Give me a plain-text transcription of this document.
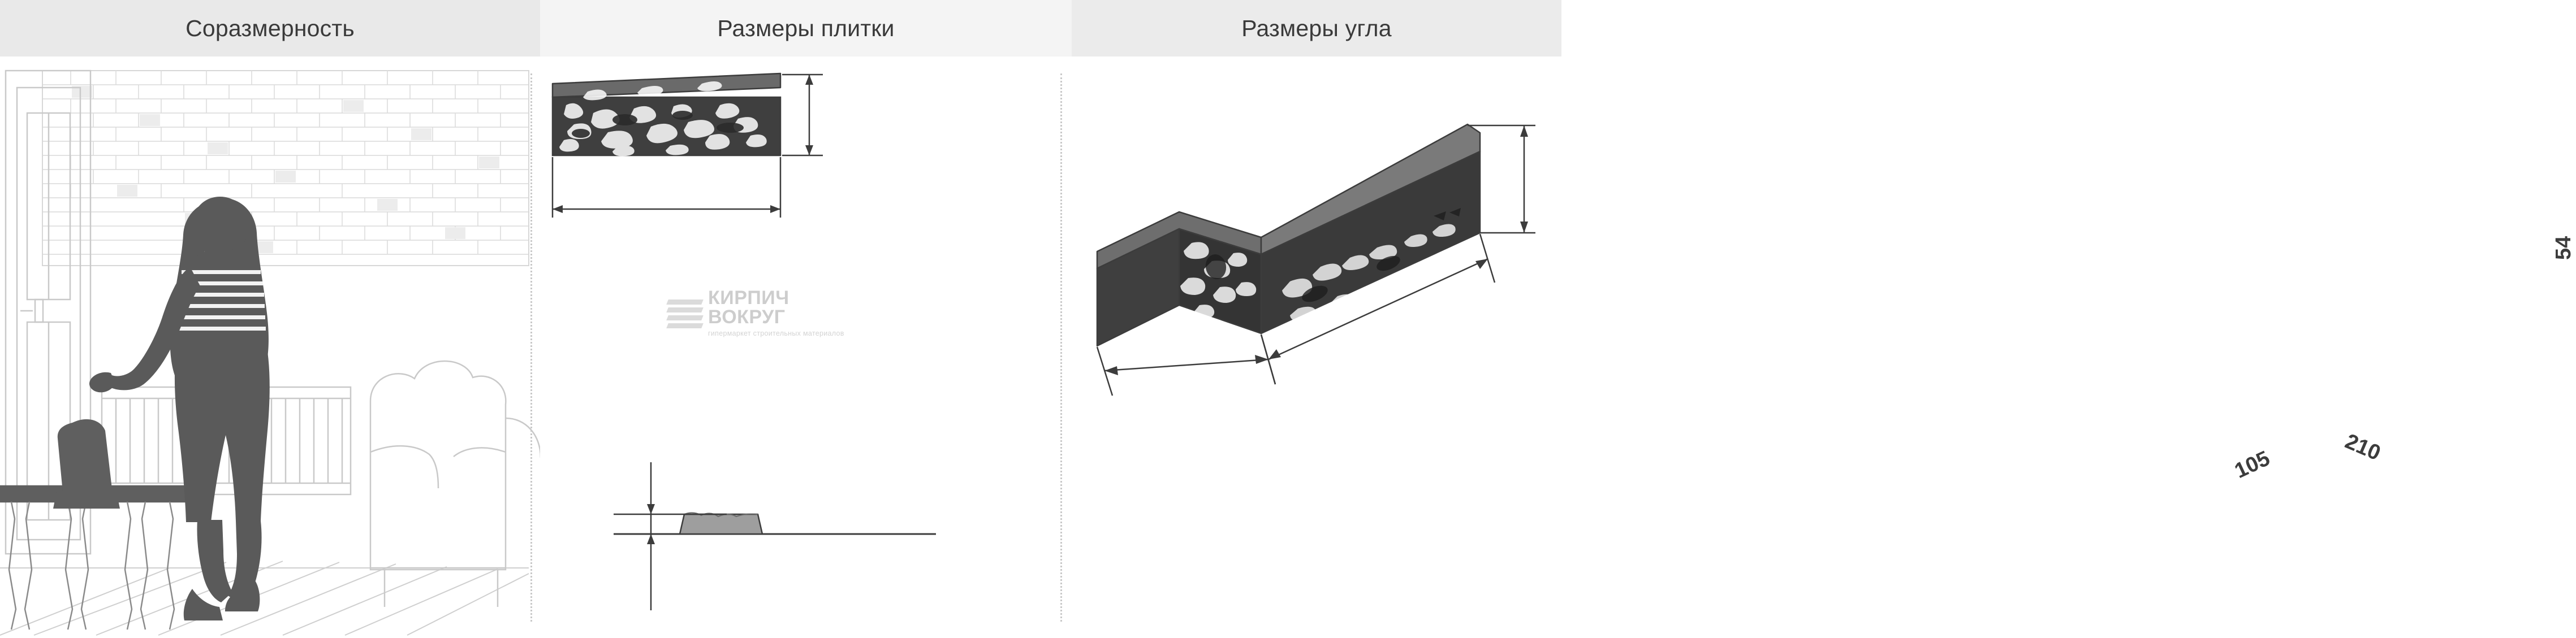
Соразмерность	Размеры плитки	Размеры угла
54
210
105
КИРПИЧ
ВОКРУГ
гипермаркет строительных материалов
